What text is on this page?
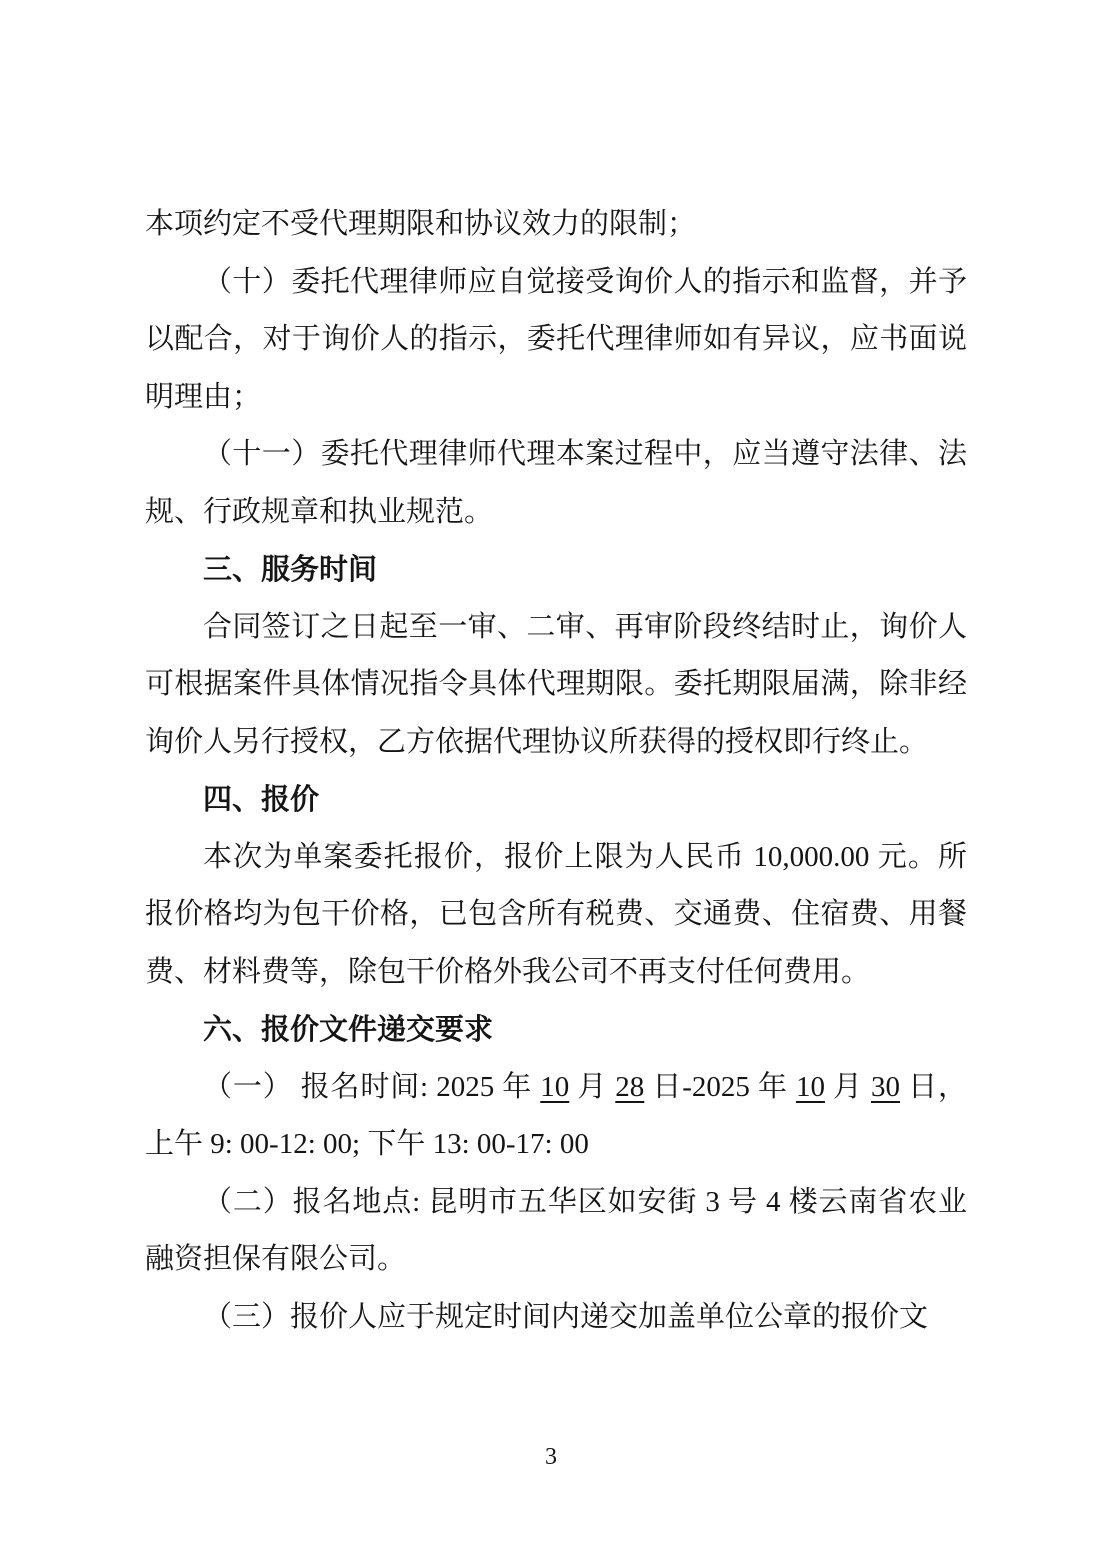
本项约定不受代理期限和协议效力的限制；

（十）委托代理律师应自觉接受询价人的指示和监督，并予以配合，对于询价人的指示，委托代理律师如有异议，应书面说明理由；

（十一）委托代理律师代理本案过程中，应当遵守法律、法规、行政规章和执业规范。

三、服务时间

合同签订之日起至一审、二审、再审阶段终结时止，询价人可根据案件具体情况指令具体代理期限。委托期限届满，除非经询价人另行授权，乙方依据代理协议所获得的授权即行终止。

四、报价

本次为单案委托报价，报价上限为人民币 10,000.00 元。所报价格均为包干价格，已包含所有税费、交通费、住宿费、用餐费、材料费等，除包干价格外我公司不再支付任何费用。

六、报价文件递交要求

（一） 报名时间: 2025 年 10 月 28 日-2025 年 10 月 30 日，上午 9: 00-12: 00; 下午 13: 00-17: 00

（二）报名地点: 昆明市五华区如安街 3 号 4 楼云南省农业融资担保有限公司。

（三）报价人应于规定时间内递交加盖单位公章的报价文

3
